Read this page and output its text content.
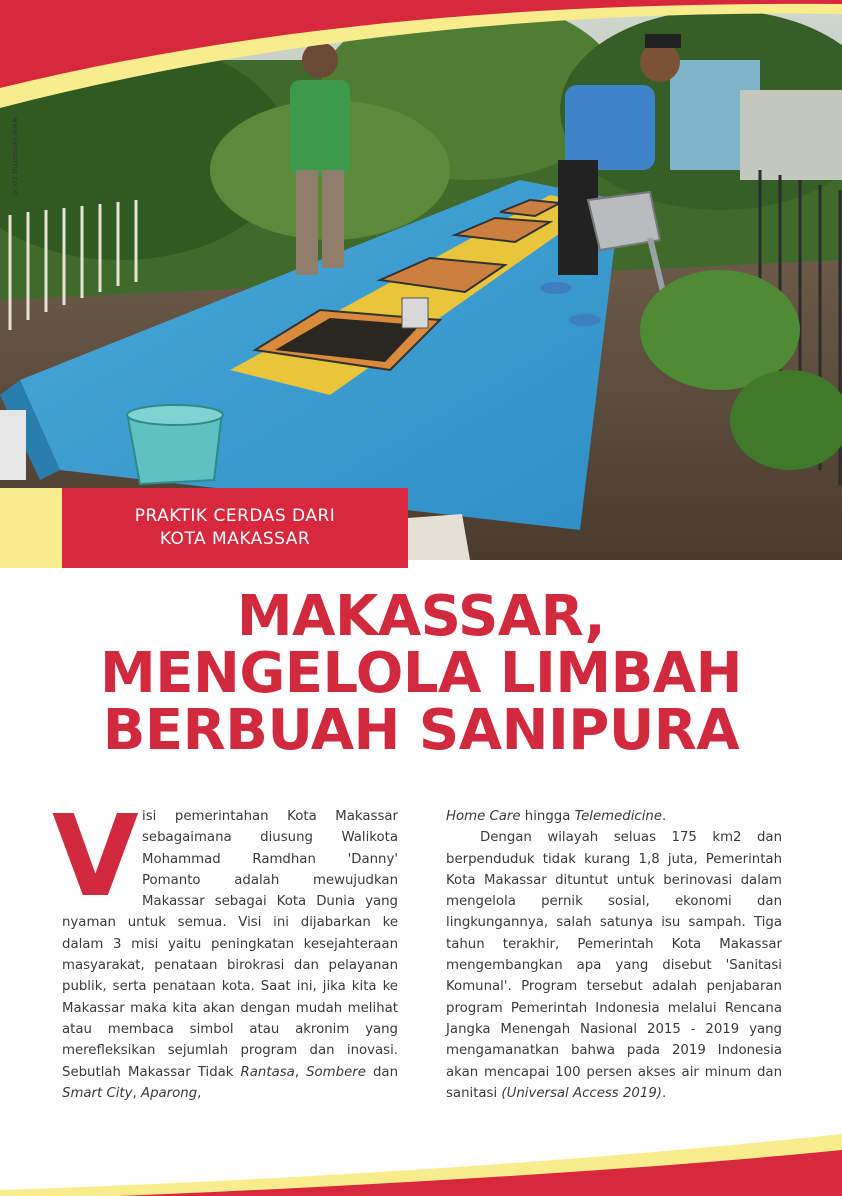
www.kenasthp.co.id
PRAKTIK CERDAS DARI
KOTA MAKASSAR
MAKASSAR,
MENGELOLA LIMBAH
BERBUAH SANIPURA
V isi pemerintahan Kota Makassar sebagaimana diusung Walikota Mohammad Ramdhan 'Danny' Pomanto adalah mewujudkan Makassar sebagai Kota Dunia yang nyaman untuk semua. Visi ini dijabarkan ke dalam 3 misi yaitu peningkatan kesejahteraan masyarakat, penataan birokrasi dan pelayanan publik, serta penataan kota. Saat ini, jika kita ke Makassar maka kita akan dengan mudah melihat atau membaca simbol atau akronim yang merefleksikan sejumlah program dan inovasi. Sebutlah Makassar Tidak Rantasa, Sombere dan Smart City, Aparong,

Home Care hingga Telemedicine.

Dengan wilayah seluas 175 km2 dan berpenduduk tidak kurang 1,8 juta, Pemerintah Kota Makassar dituntut untuk berinovasi dalam mengelola pernik sosial, ekonomi dan lingkungannya, salah satunya isu sampah. Tiga tahun terakhir, Pemerintah Kota Makassar mengembangkan apa yang disebut 'Sanitasi Komunal'. Program tersebut adalah penjabaran program Pemerintah Indonesia melalui Rencana Jangka Menengah Nasional 2015 - 2019 yang mengamanatkan bahwa pada 2019 Indonesia akan mencapai 100 persen akses air minum dan sanitasi (Universal Access 2019).
